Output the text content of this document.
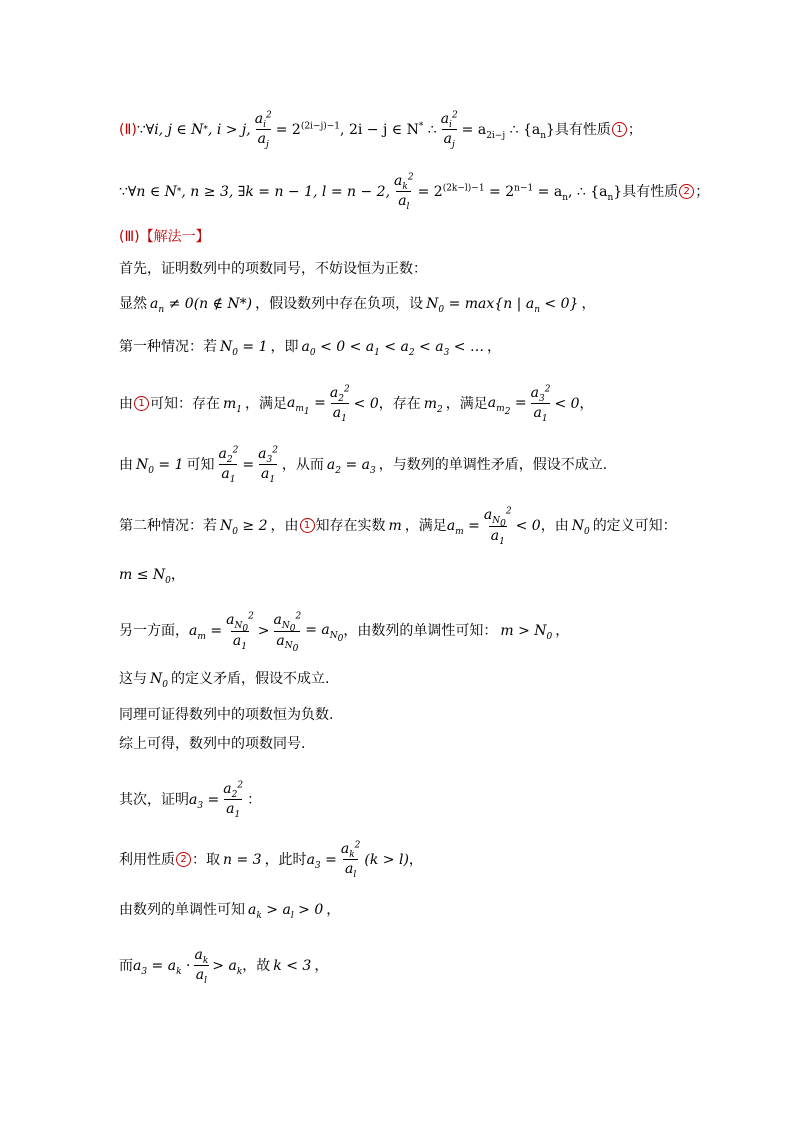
(Ⅱ) ∵∀ i, j ∈ N * , i > j, $\frac{a_i^2}{a_j} = 2^{(2i-j)-1}$, 2i − j ∈ N* ∴ $\frac{a_i^2}{a_j} = a_{2i-j}$ ∴ $\{a_n\}$ 具有性质 1 ；
∵∀ n ∈ N * , n ≥ 3, ∃k = n − 1, l = n − 2, $\frac{a_k^2}{a_l} = 2^{(2k-l)-1} = 2^{n-1} = a_n$, ∴ $\{a_n\}$ 具有性质 2 ；
(Ⅲ) 【解法一】
首先，证明数列中的项数同号，不妨设恒为正数：
显然 $a_n \ne 0(n$ ∉ N*) ，假设数列中存在负项，设 $N_0 = \max\{n$ | $a_n < 0$} ，
第一种情况：若 $N_0 = 1$ ，即 $a_0 < 0 < a_1 < a_2 < a_3$ < … ，
由 1 可知：存在 $m_1$ ，满足 $a_{m_1} = \frac{a_2^2}{a_1} < 0$ ，存在 $m_2$ ，满足 $a_{m_2} = \frac{a_3^2}{a_1} < 0$ ，
由 $N_0 = 1$ 可知 $\frac{a_2^2}{a_1} = \frac{a_3^2}{a_1}$ ，从而 $a_2 = a_3$ ，与数列的单调性矛盾，假设不成立.
第二种情况：若 $N_0 \ge 2$ ，由 1 知存在实数 m ，满足 $a_m = \frac{a_{N_0}^2}{a_1} < 0$ ，由 $N_0$ 的定义可知：
$m \le N_0$ ，
另一方面， $a_m = \frac{a_{N_0}^2}{a_1} > \frac{a_{N_0}^2}{a_{N_0}} = a_{N_0}$ ，由数列的单调性可知： $m > N_0$ ，
这与 $N_0$ 的定义矛盾，假设不成立.
同理可证得数列中的项数恒为负数.
综上可得，数列中的项数同号.
其次，证明 $a_3 = \frac{a_2^2}{a_1}$ ：
利用性质 2 ：取 n = 3 ，此时 $a_3 = \frac{a_k^2}{a_l} (k > l)$ ，
由数列的单调性可知 $a_k > a_l > 0$ ，
而 $a_3 = a_k \cdot \frac{a_k}{a_l} > a_k$ ，故 k < 3 ，
